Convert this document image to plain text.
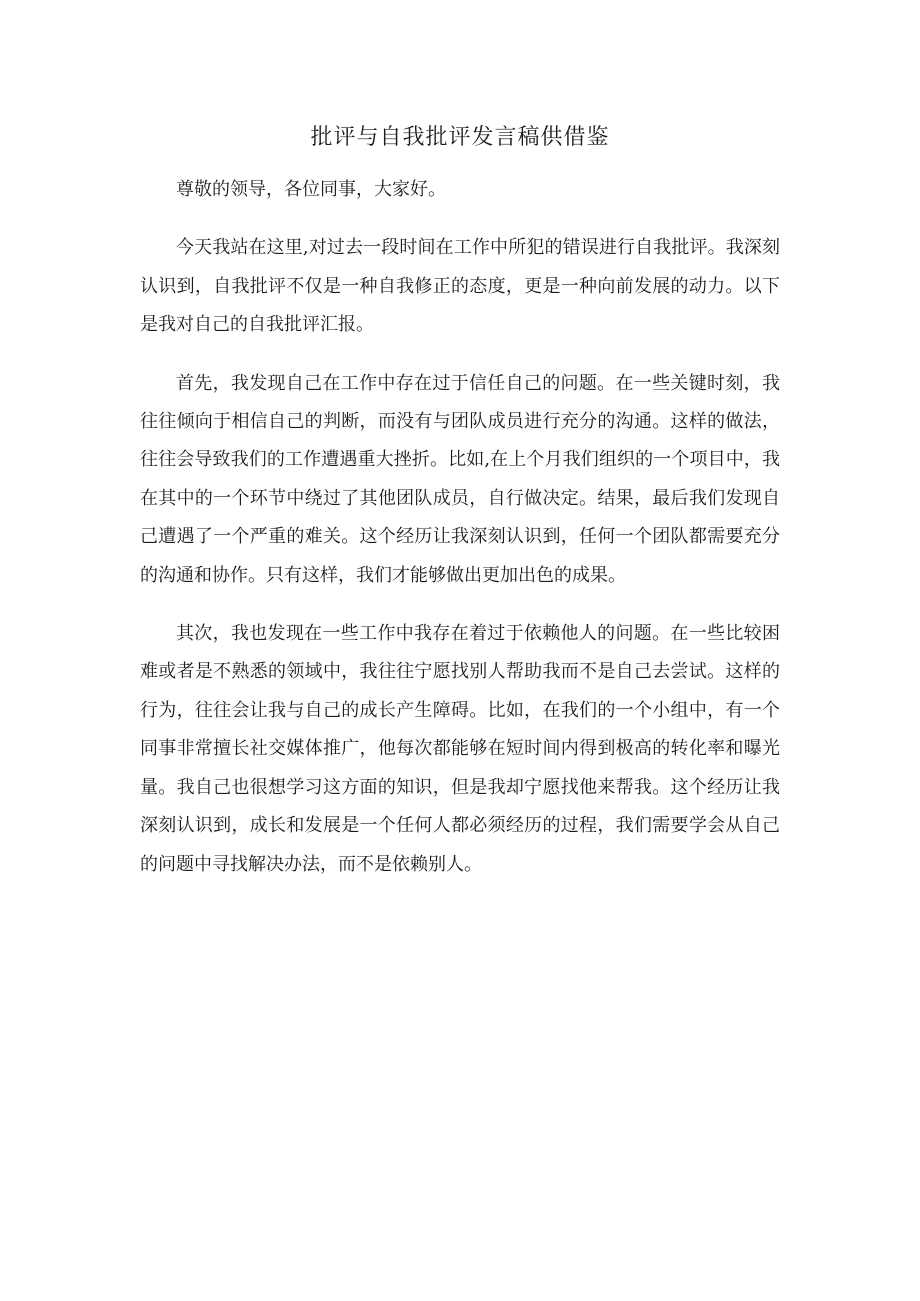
批评与自我批评发言稿供借鉴

尊敬的领导，各位同事，大家好。

今天我站在这里,对过去一段时间在工作中所犯的错误进行自我批评。我深刻认识到，自我批评不仅是一种自我修正的态度，更是一种向前发展的动力。以下是我对自己的自我批评汇报。

首先，我发现自己在工作中存在过于信任自己的问题。在一些关键时刻，我往往倾向于相信自己的判断，而没有与团队成员进行充分的沟通。这样的做法，往往会导致我们的工作遭遇重大挫折。比如,在上个月我们组织的一个项目中，我在其中的一个环节中绕过了其他团队成员，自行做决定。结果，最后我们发现自己遭遇了一个严重的难关。这个经历让我深刻认识到，任何一个团队都需要充分的沟通和协作。只有这样，我们才能够做出更加出色的成果。

其次，我也发现在一些工作中我存在着过于依赖他人的问题。在一些比较困难或者是不熟悉的领域中，我往往宁愿找别人帮助我而不是自己去尝试。这样的行为，往往会让我与自己的成长产生障碍。比如，在我们的一个小组中，有一个同事非常擅长社交媒体推广，他每次都能够在短时间内得到极高的转化率和曝光量。我自己也很想学习这方面的知识，但是我却宁愿找他来帮我。这个经历让我深刻认识到，成长和发展是一个任何人都必须经历的过程，我们需要学会从自己的问题中寻找解决办法，而不是依赖别人。
